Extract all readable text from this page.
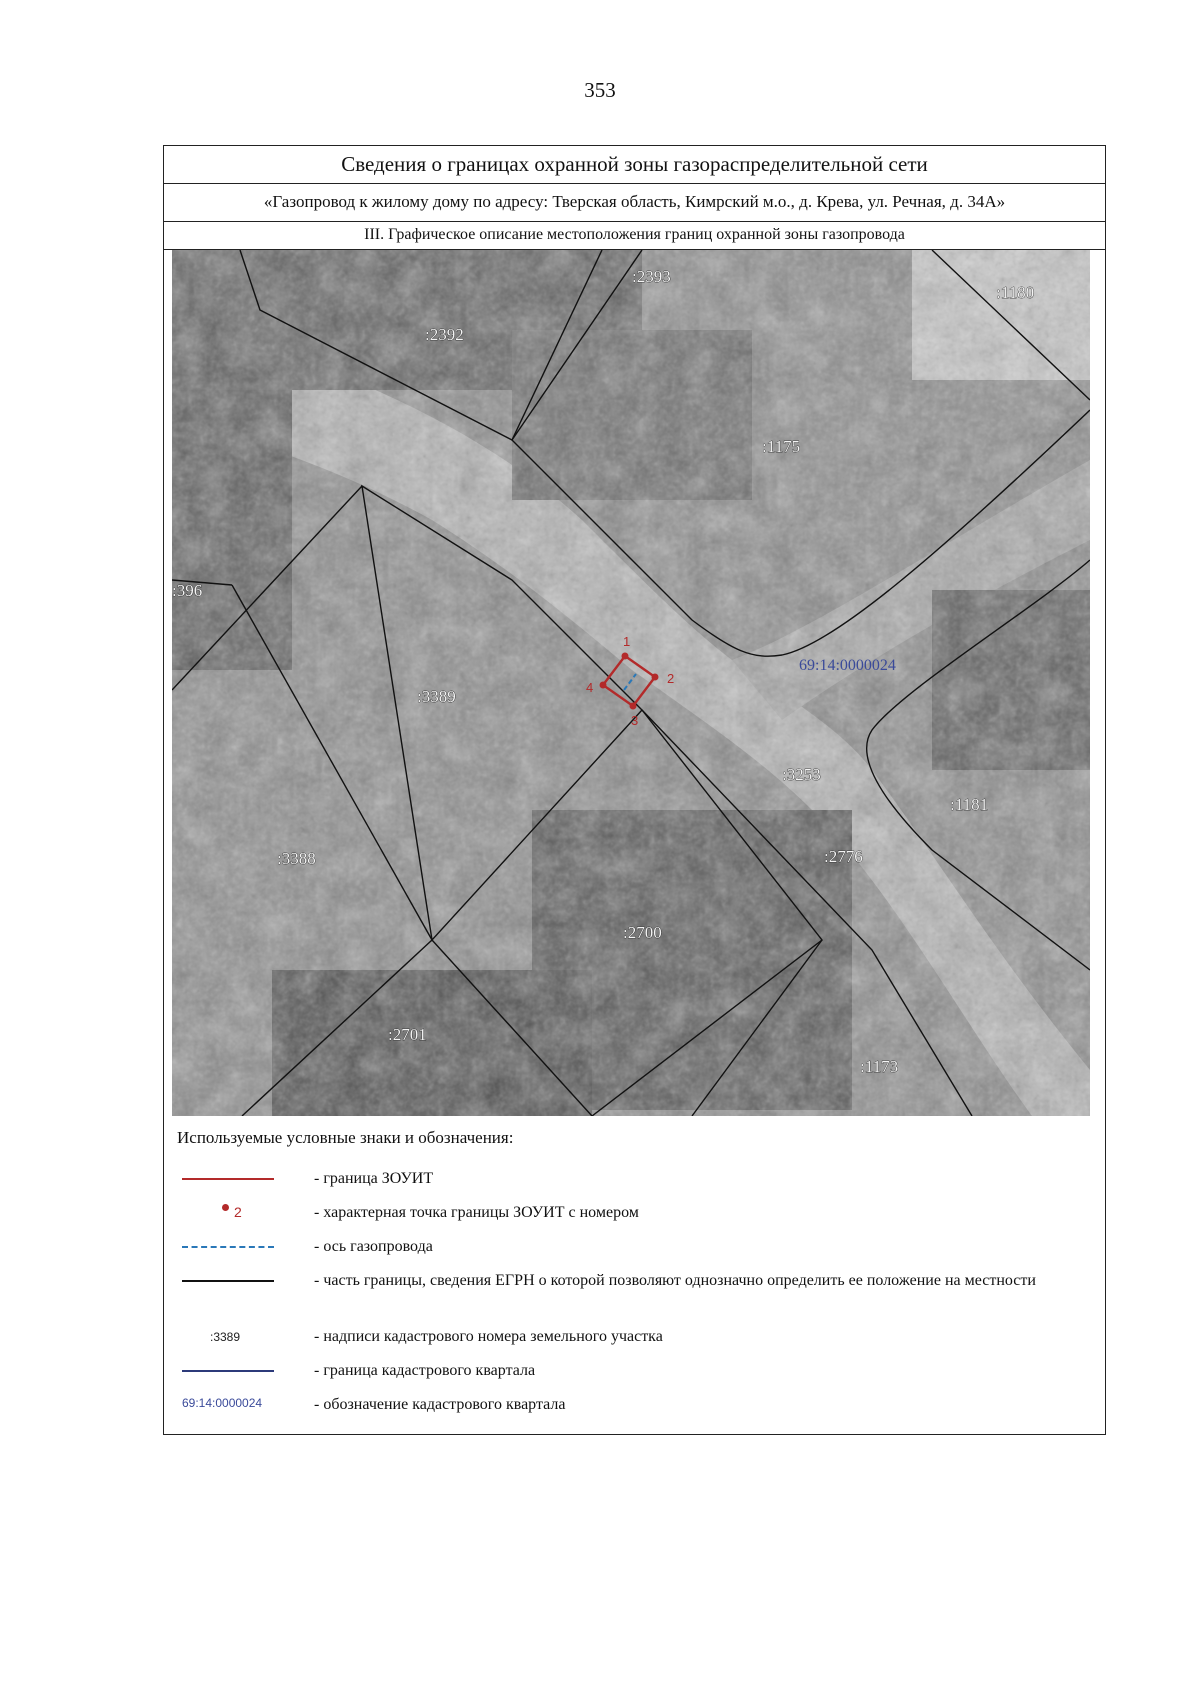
353
Сведения о границах охранной зоны газораспределительной сети
«Газопровод к жилому дому по адресу: Тверская область, Кимрский м.о., д. Крева, ул. Речная, д. 34А»
III. Графическое описание местоположения границ охранной зоны газопровода
1
2
3
4
:2393
:1180
:2392
:1175
:396
69:14:0000024
:3389
:3253
:1181
:3388	:2776
:2700
:2701
:1173
Используемые условные знаки и обозначения:
- граница ЗОУИТ
2	- характерная точка границы ЗОУИТ с номером
- ось газопровода
- часть границы, сведения ЕГРН о которой позволяют однозначно определить ее положение на местности
:3389	- надписи кадастрового номера земельного участка
- граница кадастрового квартала
69:14:0000024	- обозначение кадастрового квартала
